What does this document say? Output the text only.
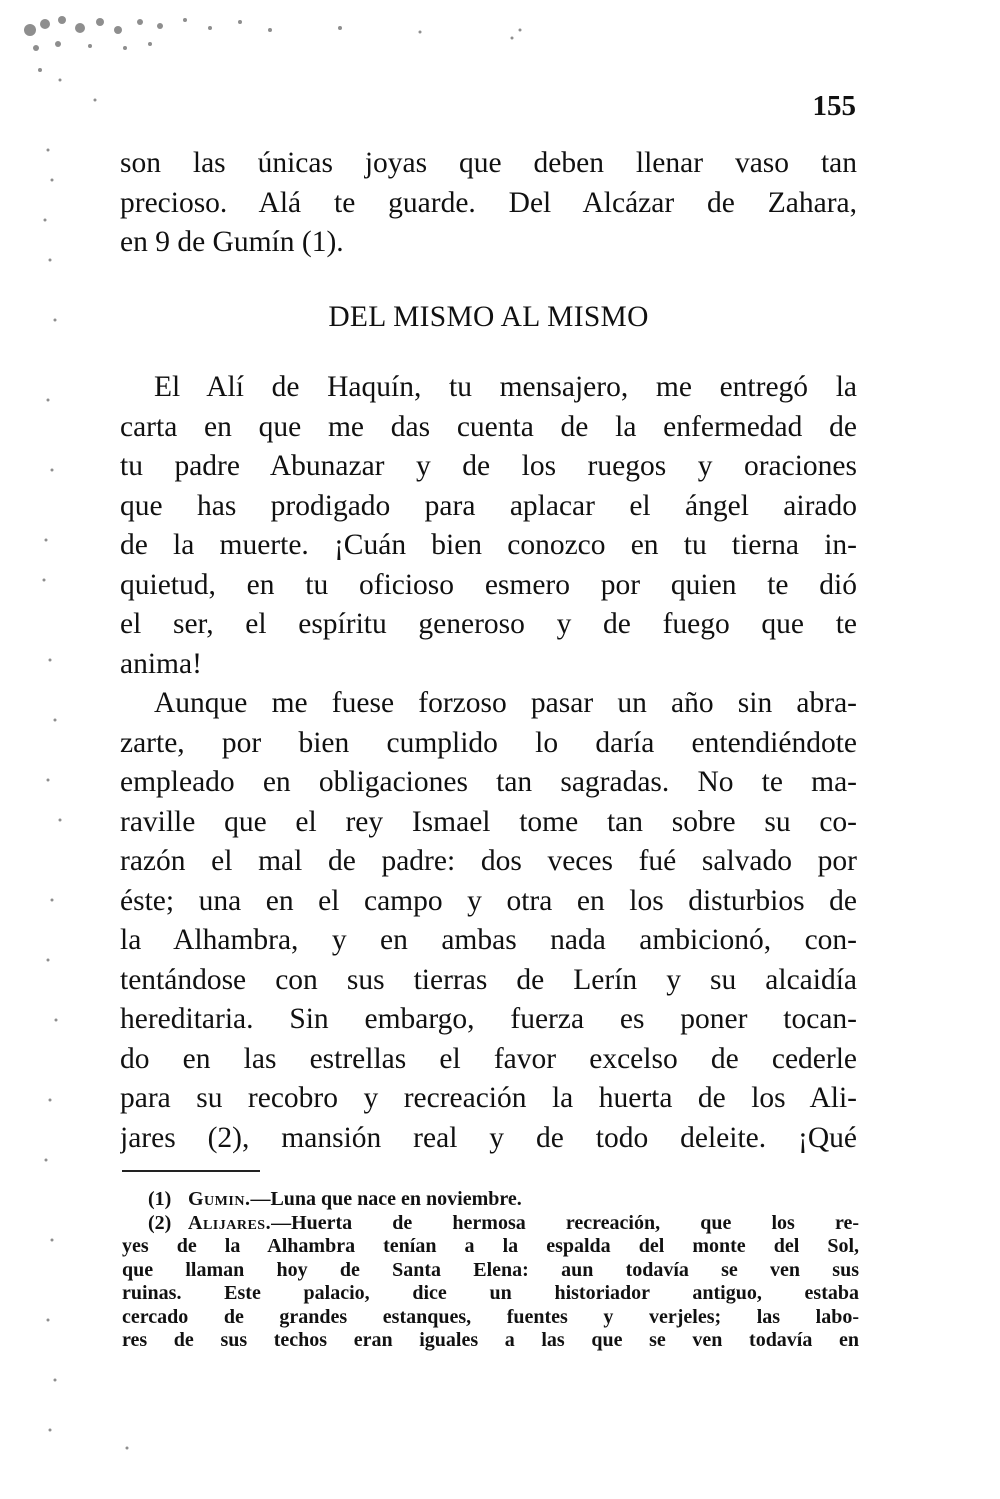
155
son las únicas joyas que deben llenar vaso tan
precioso. Alá te guarde. Del Alcázar de Zahara,
en 9 de Gumín (1).
DEL MISMO AL MISMO
El Alí de Haquín, tu mensajero, me entregó la
carta en que me das cuenta de la enfermedad de
tu padre Abunazar y de los ruegos y oraciones
que has prodigado para aplacar el ángel airado
de la muerte. ¡Cuán bien conozco en tu tierna in-
quietud, en tu oficioso esmero por quien te dió
el ser, el espíritu generoso y de fuego que te
anima!
Aunque me fuese forzoso pasar un año sin abra-
zarte, por bien cumplido lo daría entendiéndote
empleado en obligaciones tan sagradas. No te ma-
raville que el rey Ismael tome tan sobre su co-
razón el mal de padre: dos veces fué salvado por
éste; una en el campo y otra en los disturbios de
la Alhambra, y en ambas nada ambicionó, con-
tentándose con sus tierras de Lerín y su alcaidía
hereditaria. Sin embargo, fuerza es poner tocan-
do en las estrellas el favor excelso de cederle
para su recobro y recreación la huerta de los Ali-
jares (2), mansión real y de todo deleite. ¡Qué
(1) Gumin.—Luna que nace en noviembre.
(2) Alijares.—Huerta de hermosa recreación, que los re-
yes de la Alhambra tenían a la espalda del monte del Sol,
que llaman hoy de Santa Elena: aun todavía se ven sus
ruinas. Este palacio, dice un historiador antiguo, estaba
cercado de grandes estanques, fuentes y verjeles; las labo-
res de sus techos eran iguales a las que se ven todavía en
